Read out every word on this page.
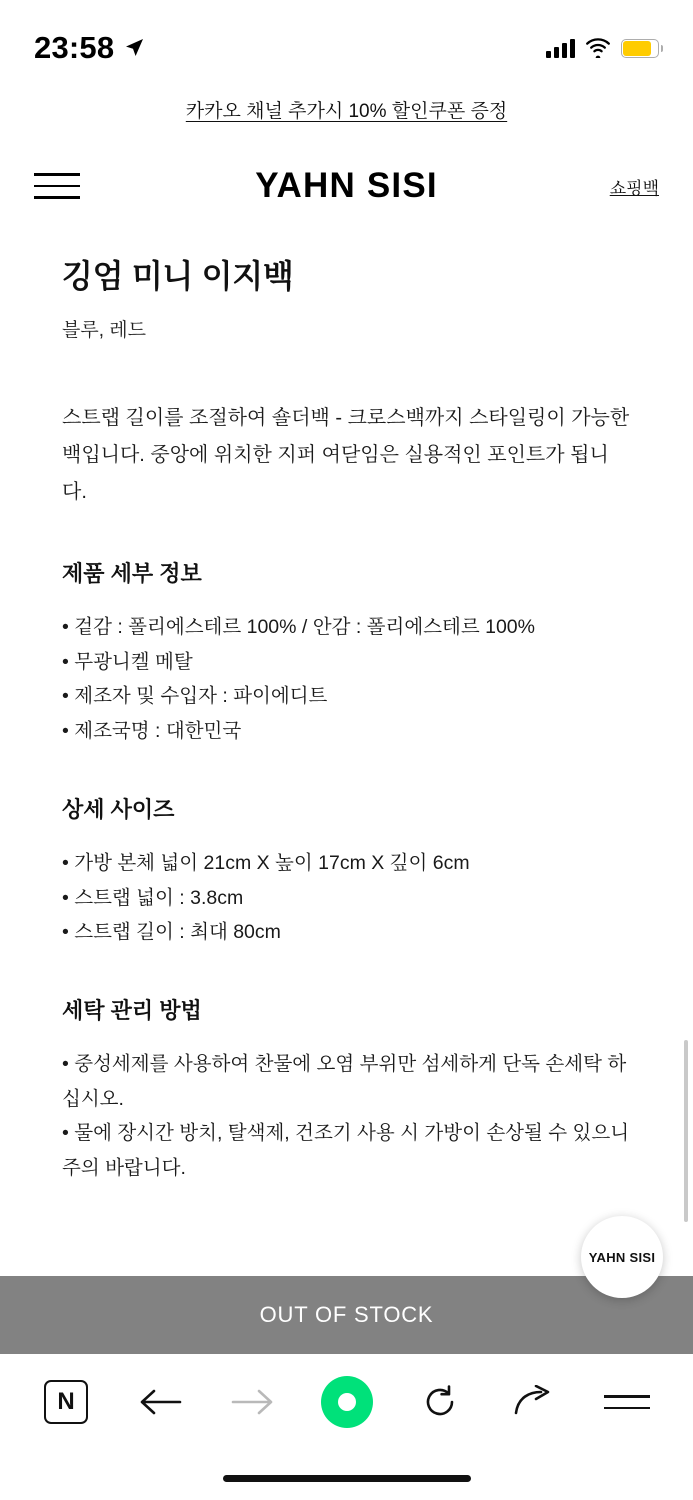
23:58
카카오 채널 추가시 10% 할인쿠폰 증정
YAHN SISI	쇼핑백
깅엄 미니 이지백
블루, 레드

스트랩 길이를 조절하여 숄더백 - 크로스백까지 스타일링이 가능한 백입니다. 중앙에 위치한 지퍼 여닫임은 실용적인 포인트가 됩니다.

제품 세부 정보
• 겉감 : 폴리에스테르 100% / 안감 : 폴리에스테르 100%
• 무광니켈 메탈
• 제조자 및 수입자 : 파이에디트
• 제조국명 : 대한민국
상세 사이즈
• 가방 본체 넓이 21cm X 높이 17cm X 깊이 6cm
• 스트랩 넓이 : 3.8cm
• 스트랩 길이 : 최대 80cm
세탁 관리 방법
• 중성세제를 사용하여 찬물에 오염 부위만 섬세하게 단독 손세탁 하십시오.
• 물에 장시간 방치, 탈색제, 건조기 사용 시 가방이 손상될 수 있으니 주의 바랍니다.
YAHN SISI
OUT OF STOCK
N
